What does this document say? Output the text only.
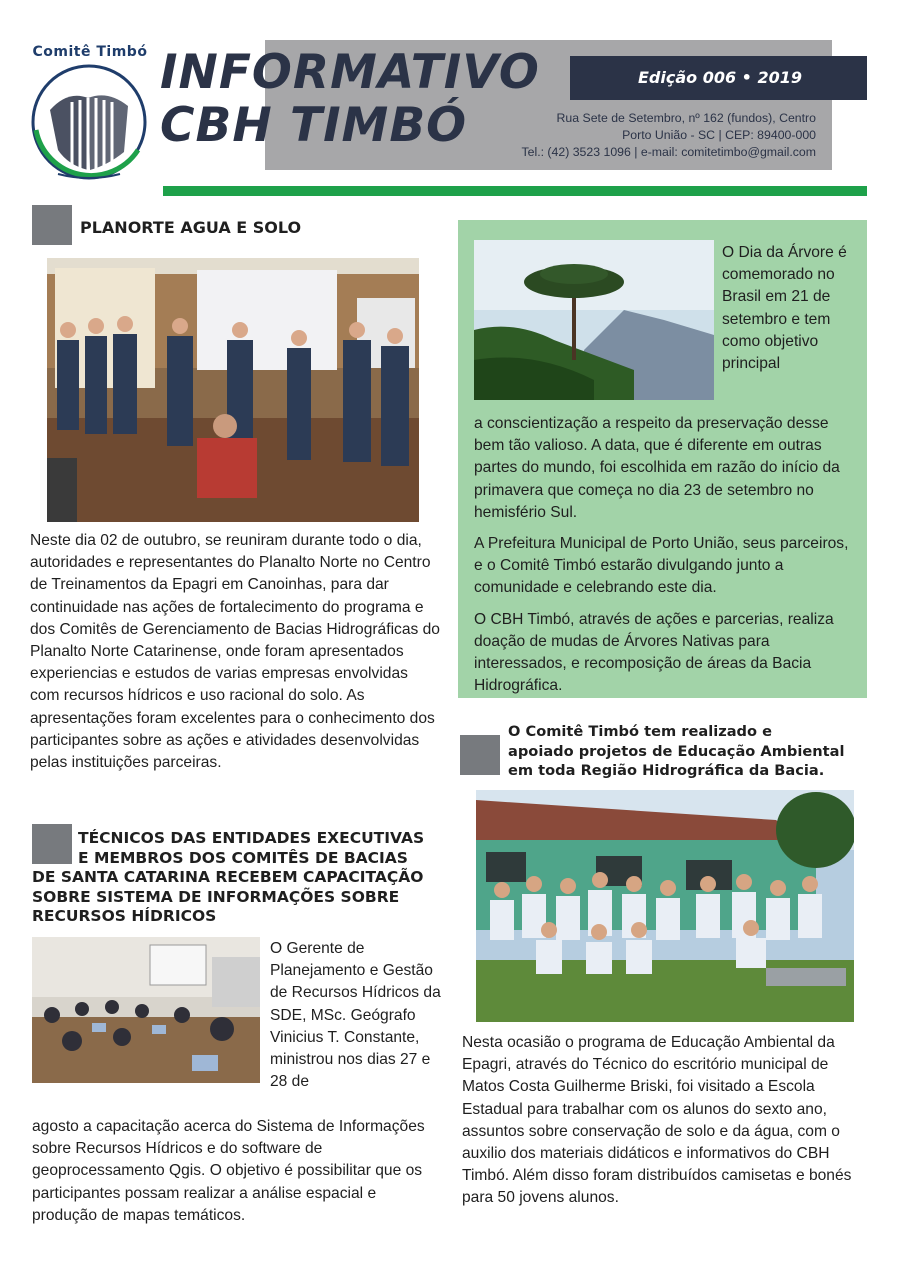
Comitê Timbó INFORMATIVO
CBH TIMBÓ
Edição 006 • 2019
Rua Sete de Setembro, nº 162 (fundos), Centro
Porto União - SC | CEP: 89400-000
Tel.: (42) 3523 1096 | e-mail: comitetimbo@gmail.com
PLANORTE AGUA E SOLO
Neste dia 02 de outubro, se reuniram durante todo o dia, autoridades e representantes do Planalto Norte no Centro de Treinamentos da Epagri em Canoinhas, para dar continuidade nas ações de fortalecimento do programa e dos Comitês de Gerenciamento de Bacias Hidrográficas do Planalto Norte Catarinense, onde foram apresentados experiencias e estudos de varias empresas envolvidas com recursos hídricos e uso racional do solo. As apresentações foram excelentes para o conhecimento dos participantes sobre as ações e atividades desenvolvidas pelas instituições parceiras.
TÉCNICOS DAS ENTIDADES EXECUTIVAS
E MEMBROS DOS COMITÊS DE BACIAS
DE SANTA CATARINA RECEBEM CAPACITAÇÃO
SOBRE SISTEMA DE INFORMAÇÕES SOBRE
RECURSOS HÍDRICOS
O Gerente de Planejamento e Gestão de Recursos Hídricos da SDE, MSc. Geógrafo Vinicius T. Constante, ministrou nos dias 27 e 28 de
agosto a capacitação acerca do Sistema de Informações sobre Recursos Hídricos e do software de geoprocessamento Qgis. O objetivo é possibilitar que os participantes possam realizar a análise espacial e produção de mapas temáticos.
O Dia da Árvore é comemorado no Brasil em 21 de setembro e tem como objetivo principal
a conscientização a respeito da preservação desse bem tão valioso. A data, que é diferente em outras partes do mundo, foi escolhida em razão do início da primavera que começa no dia 23 de setembro no hemisfério Sul.
A Prefeitura Municipal de Porto União, seus parceiros, e o Comitê Timbó estarão divulgando junto a comunidade e celebrando este dia.
O CBH Timbó, através de ações e parcerias, realiza doação de mudas de Árvores Nativas para interessados, e recomposição de áreas da Bacia Hidrográfica.
O Comitê Timbó tem realizado e
apoiado projetos de Educação Ambiental
em toda Região Hidrográfica da Bacia.
Nesta ocasião o programa de Educação Ambiental da Epagri, através do Técnico do escritório municipal de Matos Costa Guilherme Briski, foi visitado a Escola Estadual para trabalhar com os alunos do sexto ano, assuntos sobre conservação de solo e da água, com o auxilio dos materiais didáticos e informativos do CBH Timbó. Além disso foram distribuídos camisetas e bonés para 50 jovens alunos.
